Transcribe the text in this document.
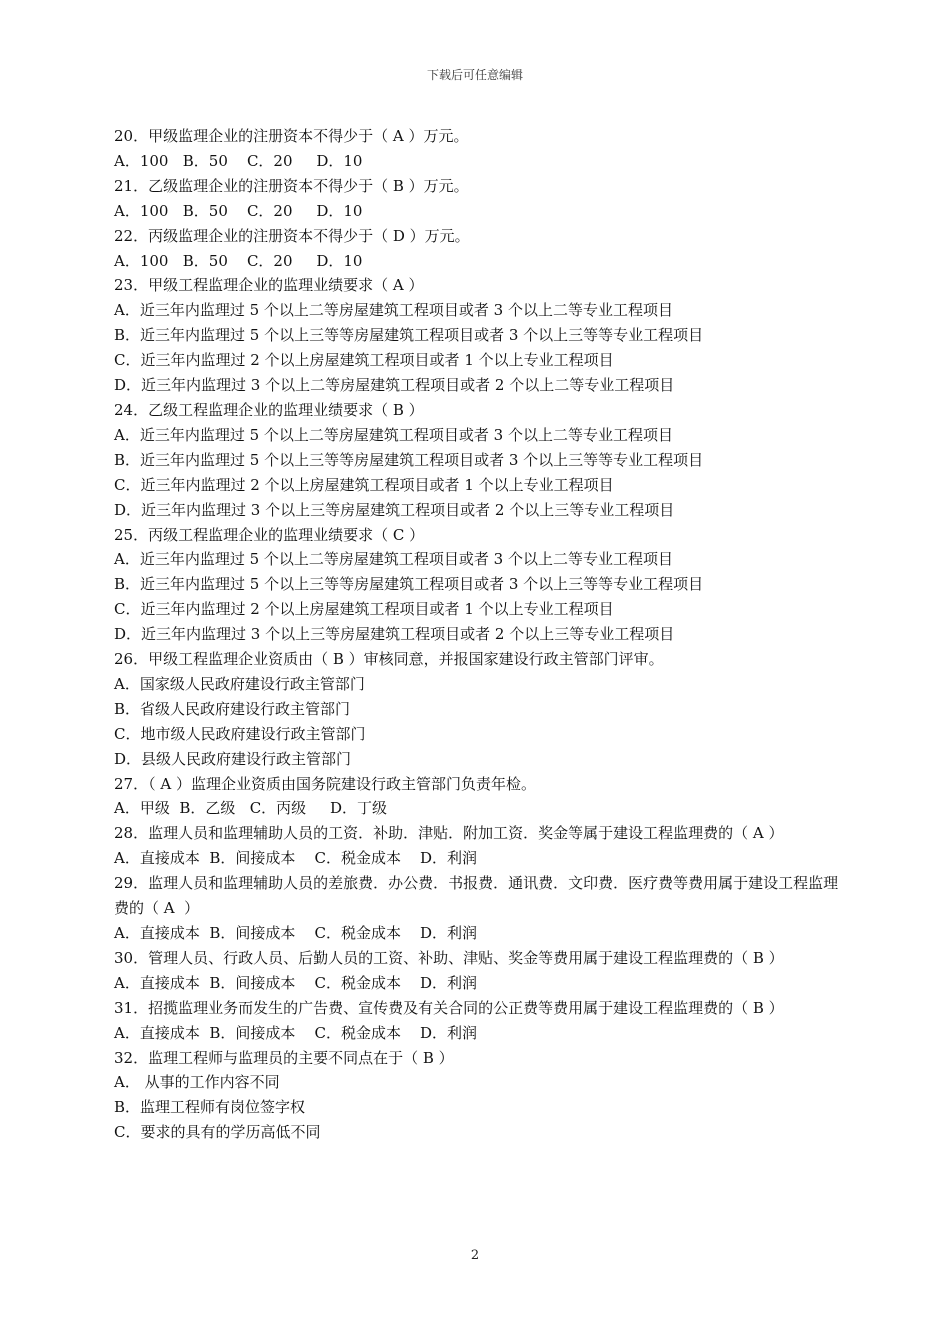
下载后可任意编辑
20．甲级监理企业的注册资本不得少于（ A ）万元。
A．100   B．50    C．20     D．10
21．乙级监理企业的注册资本不得少于（ B ）万元。
A．100   B．50    C．20     D．10
22．丙级监理企业的注册资本不得少于（ D ）万元。
A．100   B．50    C．20     D．10
23．甲级工程监理企业的监理业绩要求（ A ）
A．近三年内监理过 5 个以上二等房屋建筑工程项目或者 3 个以上二等专业工程项目
B．近三年内监理过 5 个以上三等等房屋建筑工程项目或者 3 个以上三等等专业工程项目
C．近三年内监理过 2 个以上房屋建筑工程项目或者 1 个以上专业工程项目
D．近三年内监理过 3 个以上二等房屋建筑工程项目或者 2 个以上二等专业工程项目
24．乙级工程监理企业的监理业绩要求（ B ）
A．近三年内监理过 5 个以上二等房屋建筑工程项目或者 3 个以上二等专业工程项目
B．近三年内监理过 5 个以上三等等房屋建筑工程项目或者 3 个以上三等等专业工程项目
C．近三年内监理过 2 个以上房屋建筑工程项目或者 1 个以上专业工程项目
D．近三年内监理过 3 个以上三等房屋建筑工程项目或者 2 个以上三等专业工程项目
25．丙级工程监理企业的监理业绩要求（ C ）
A．近三年内监理过 5 个以上二等房屋建筑工程项目或者 3 个以上二等专业工程项目
B．近三年内监理过 5 个以上三等等房屋建筑工程项目或者 3 个以上三等等专业工程项目
C．近三年内监理过 2 个以上房屋建筑工程项目或者 1 个以上专业工程项目
D．近三年内监理过 3 个以上三等房屋建筑工程项目或者 2 个以上三等专业工程项目
26．甲级工程监理企业资质由（ B ）审核同意，并报国家建设行政主管部门评审。
A．国家级人民政府建设行政主管部门
B．省级人民政府建设行政主管部门
C．地市级人民政府建设行政主管部门
D．县级人民政府建设行政主管部门
27．（ A ）监理企业资质由国务院建设行政主管部门负责年检。
A．甲级  B．乙级   C．丙级     D．丁级
28．监理人员和监理辅助人员的工资．补助．津贴．附加工资．奖金等属于建设工程监理费的（ A ）
A．直接成本  B．间接成本    C．税金成本    D．利润
29．监理人员和监理辅助人员的差旅费．办公费．书报费．通讯费．文印费．医疗费等费用属于建设工程监理费的（ A  ）
A．直接成本  B．间接成本    C．税金成本    D．利润
30．管理人员、行政人员、后勤人员的工资、补助、津贴、奖金等费用属于建设工程监理费的（ B ）
A．直接成本  B．间接成本    C．税金成本    D．利润
31．招揽监理业务而发生的广告费、宣传费及有关合同的公正费等费用属于建设工程监理费的（ B ）
A．直接成本  B．间接成本    C．税金成本    D．利润
32．监理工程师与监理员的主要不同点在于（ B ）
A． 从事的工作内容不同
B．监理工程师有岗位签字权
C．要求的具有的学历高低不同
2
